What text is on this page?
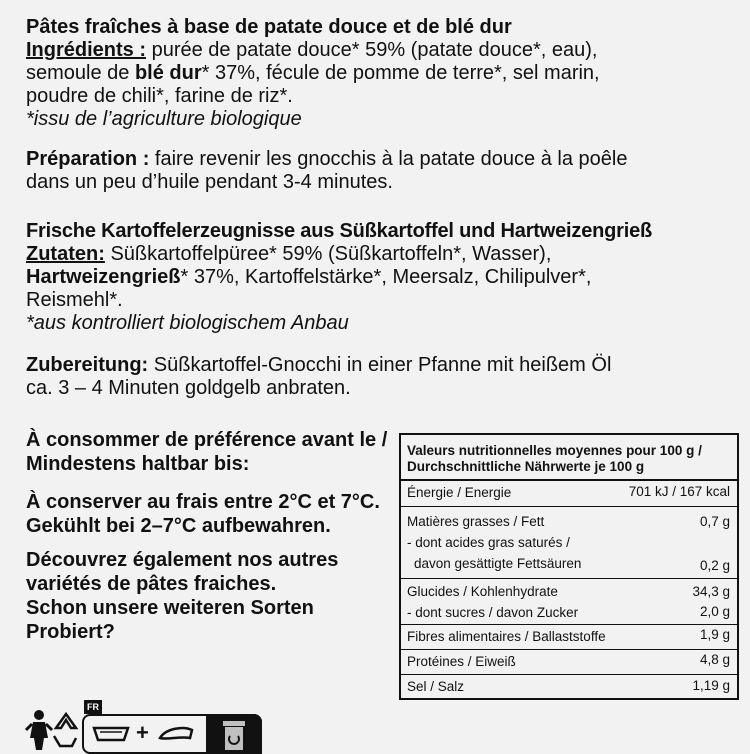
Pâtes fraîches à base de patate douce et de blé dur
Ingrédients : purée de patate douce* 59% (patate douce*, eau),
semoule de blé dur* 37%, fécule de pomme de terre*, sel marin,
poudre de chili*, farine de riz*.
*issu de l’agriculture biologique
Préparation : faire revenir les gnocchis à la patate douce à la poêle
dans un peu d’huile pendant 3-4 minutes.
Frische Kartoffelerzeugnisse aus Süßkartoffel und Hartweizengrieß
Zutaten: Süßkartoffelpüree* 59% (Süßkartoffeln*, Wasser),
Hartweizengrieß* 37%, Kartoffelstärke*, Meersalz, Chilipulver*,
Reismehl*.
*aus kontrolliert biologischem Anbau
Zubereitung: Süßkartoffel-Gnocchi in einer Pfanne mit heißem Öl
ca. 3 – 4 Minuten goldgelb anbraten.
À consommer de préférence avant le /
Mindestens haltbar bis:
À conserver au frais entre 2°C et 7°C.
Gekühlt bei 2–7°C aufbewahren.
Découvrez également nos autres
variétés de pâtes fraiches.
Schon unsere weiteren Sorten
Probiert?
Valeurs nutritionnelles moyennes pour 100 g /
Durchschnittliche Nährwerte je 100 g
Énergie / Energie	701 kJ / 167 kcal
Matières grasses / Fett	0,7 g
- dont acides gras saturés /
davon gesättigte Fettsäuren	0,2 g
Glucides / Kohlenhydrate	34,3 g
- dont sucres / davon Zucker	2,0 g
Fibres alimentaires / Ballaststoffe	1,9 g
Protéines / Eiweiß	4,8 g
Sel / Salz	1,19 g
FR
+
